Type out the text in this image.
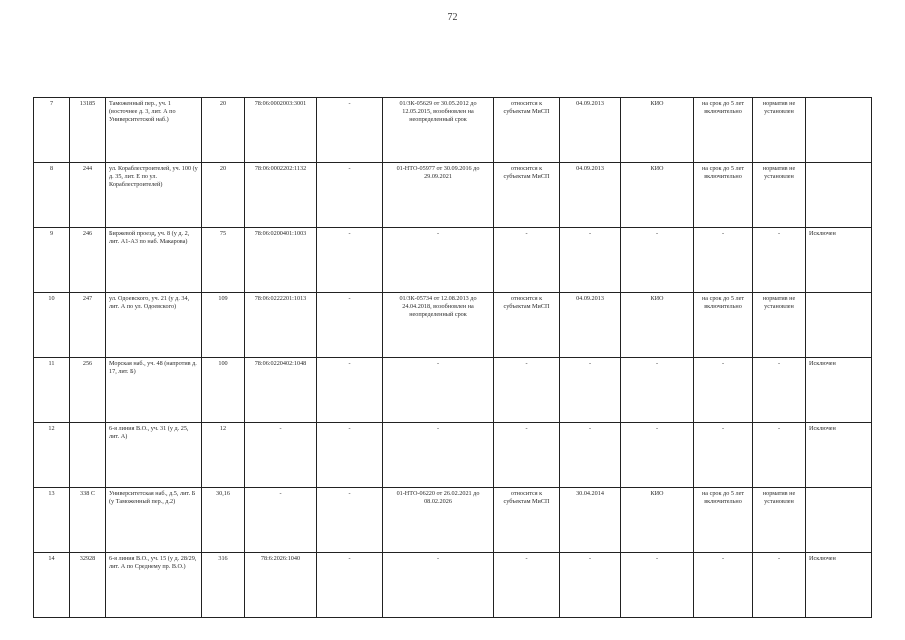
72
7	13185	Таможенный пер., уч. 1 (восточнее д. 3, лит. А по Университетской наб.)	20	78:06:0002003:3001	-	01/ЗК-05629 от 30.05.2012 до 12.05.2015, возобновлен на неопределенный срок	относится к субъектам МиСП	04.09.2013	КИО	на срок до 5 лет включительно	норматив не установлен	
8	244	ул. Кораблестроителей, уч. 100 (у д. 35, лит. Е по ул. Кораблестроителей)	20	78:06:0002202:1132	-	01-НТО-05977 от 30.09.2016 до 29.09.2021	относится к субъектам МиСП	04.09.2013	КИО	на срок до 5 лет включительно	норматив не установлен	
9	246	Биржевой проезд, уч. 8 (у д. 2, лит. А1-А3 по наб. Макарова)	75	78:06:0200401:1003	-	-	-	-	-	-	-	Исключен
10	247	ул. Одоевского, уч. 21 (у д. 34, лит. А по ул. Одоевского)	109	78:06:0222201:1013	-	01/ЗК-05734 от 12.08.2013 до 24.04.2018, возобновлен на неопределенный срок	относится к субъектам МиСП	04.09.2013	КИО	на срок до 5 лет включительно	норматив не установлен	
11	256	Морская наб., уч. 48 (напротив д. 17, лит. Б)	100	78:06:0220402:1048	-	-	-	-	-	-	-	Исключен
12		6-я линия В.О., уч. 31 (у д. 25, лит. А)	12	-	-	-	-	-	-	-	-	Исключен
13	338 С	Университетская наб., д.5, лит. Б (у Таможенный пер., д.2)	30,16	-	-	01-НТО-06220 от 26.02.2021 до 08.02.2026	относится к субъектам МиСП	30.04.2014	КИО	на срок до 5 лет включительно	норматив не установлен	
14	32928	6-я линия В.О., уч. 15 (у д. 28/29, лит. А по Среднему пр. В.О.)	316	78:6:2026:1040	-	-	-	-	-	-	-	Исключен
